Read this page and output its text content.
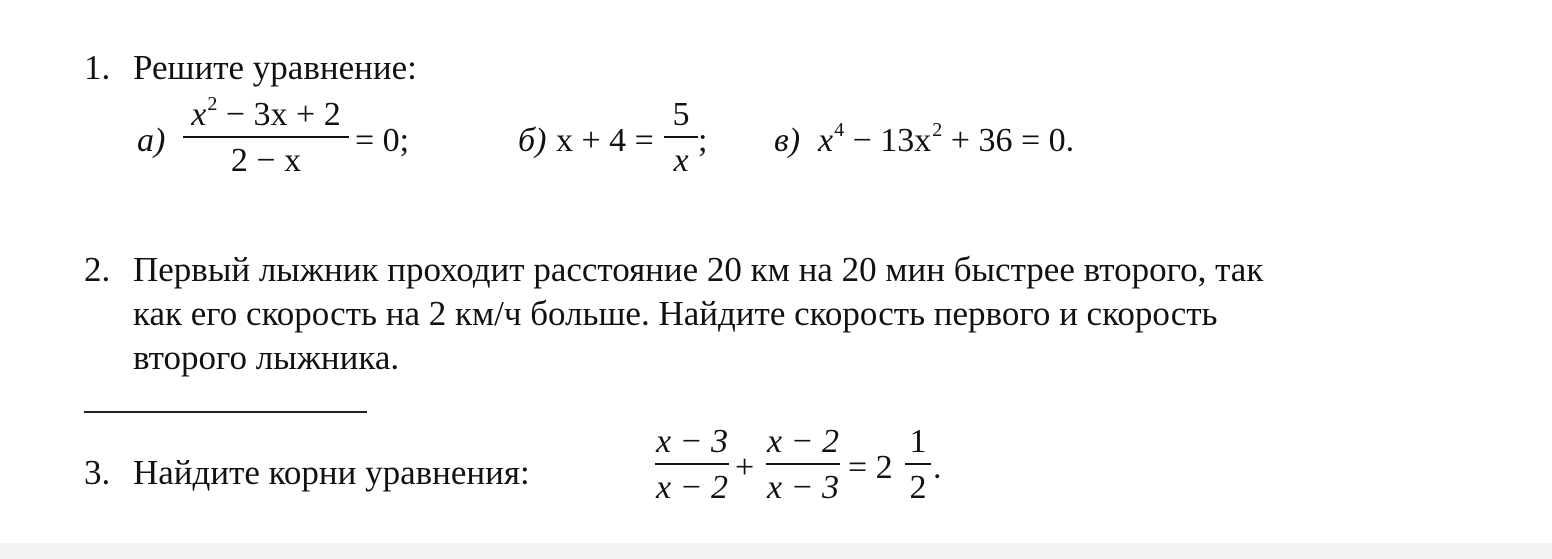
1. Решите уравнение:
а)
$x^2 - 3x + 2$
2 − x
= 0;	б) x + 4 =
5
x
; в) $x^4 - 13x^2 + 36 = 0$.
2. Первый лыжник проходит расстояние 20 км на 20 мин быстрее второго, так
как его скорость на 2 км/ч больше. Найдите скорость первого и скорость
второго лыжника.
3. Найдите корни уравнения:
x − 3
x − 2
+
x − 2
x − 3
= 2
1
2
.
